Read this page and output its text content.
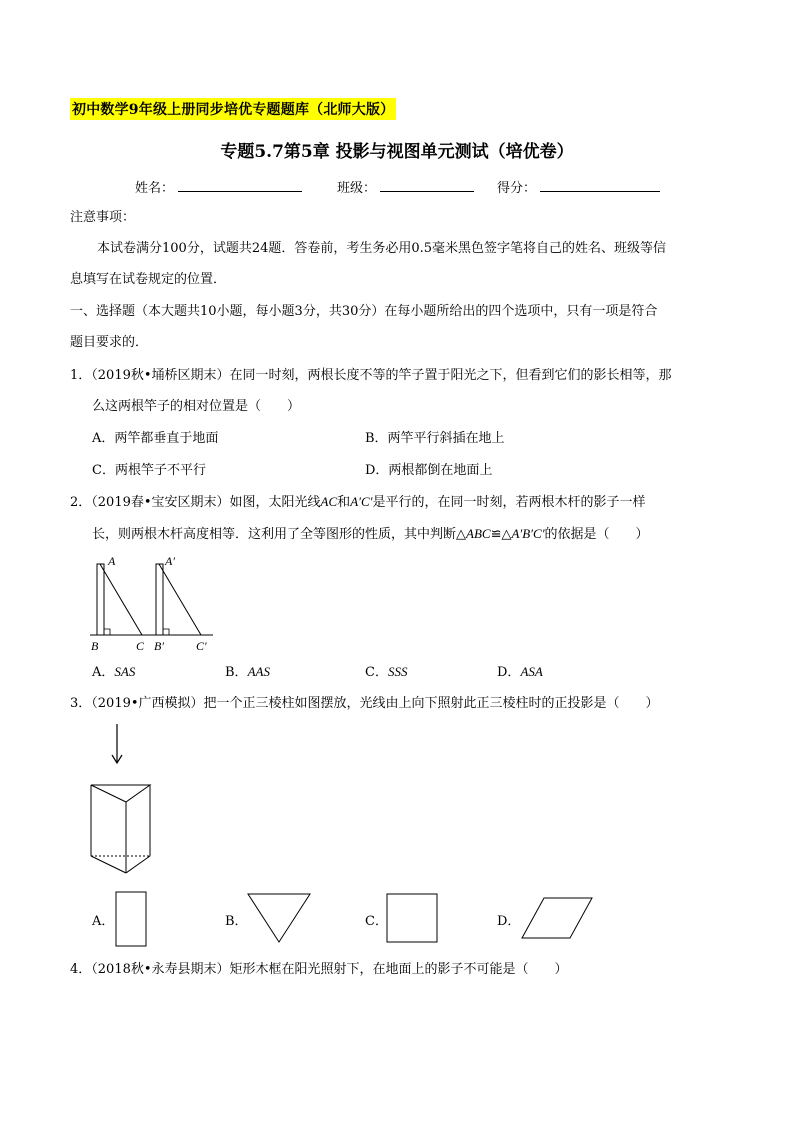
初中数学9年级上册同步培优专题题库（北师大版）
专题5.7第5章 投影与视图单元测试（培优卷）
姓名：	班级：	得分：
注意事项：
本试卷满分100分，试题共24题．答卷前，考生务必用0.5毫米黑色签字笔将自己的姓名、班级等信
息填写在试卷规定的位置．
一、选择题（本大题共10小题，每小题3分，共30分）在每小题所给出的四个选项中，只有一项是符合
题目要求的．
1．（2019秋•埇桥区期末）在同一时刻，两根长度不等的竿子置于阳光之下，但看到它们的影长相等，那
么这两根竿子的相对位置是（　　）
A．两竿都垂直于地面	B．两竿平行斜插在地上
C．两根竿子不平行	D．两根都倒在地面上
2．（2019春•宝安区期末）如图，太阳光线AC和A′C′是平行的，在同一时刻，若两根木杆的影子一样
长，则两根木杆高度相等．这利用了全等图形的性质，其中判断△ABC≌△A′B′C′的依据是（　　）
A
B	C
A′
B′	C′
A．SAS	B．AAS	C．SSS	D．ASA
3．（2019•广西模拟）把一个正三棱柱如图摆放，光线由上向下照射此正三棱柱时的正投影是（　　）
A．	B．	C．	D．
4．（2018秋•永寿县期末）矩形木框在阳光照射下，在地面上的影子不可能是（　　）
